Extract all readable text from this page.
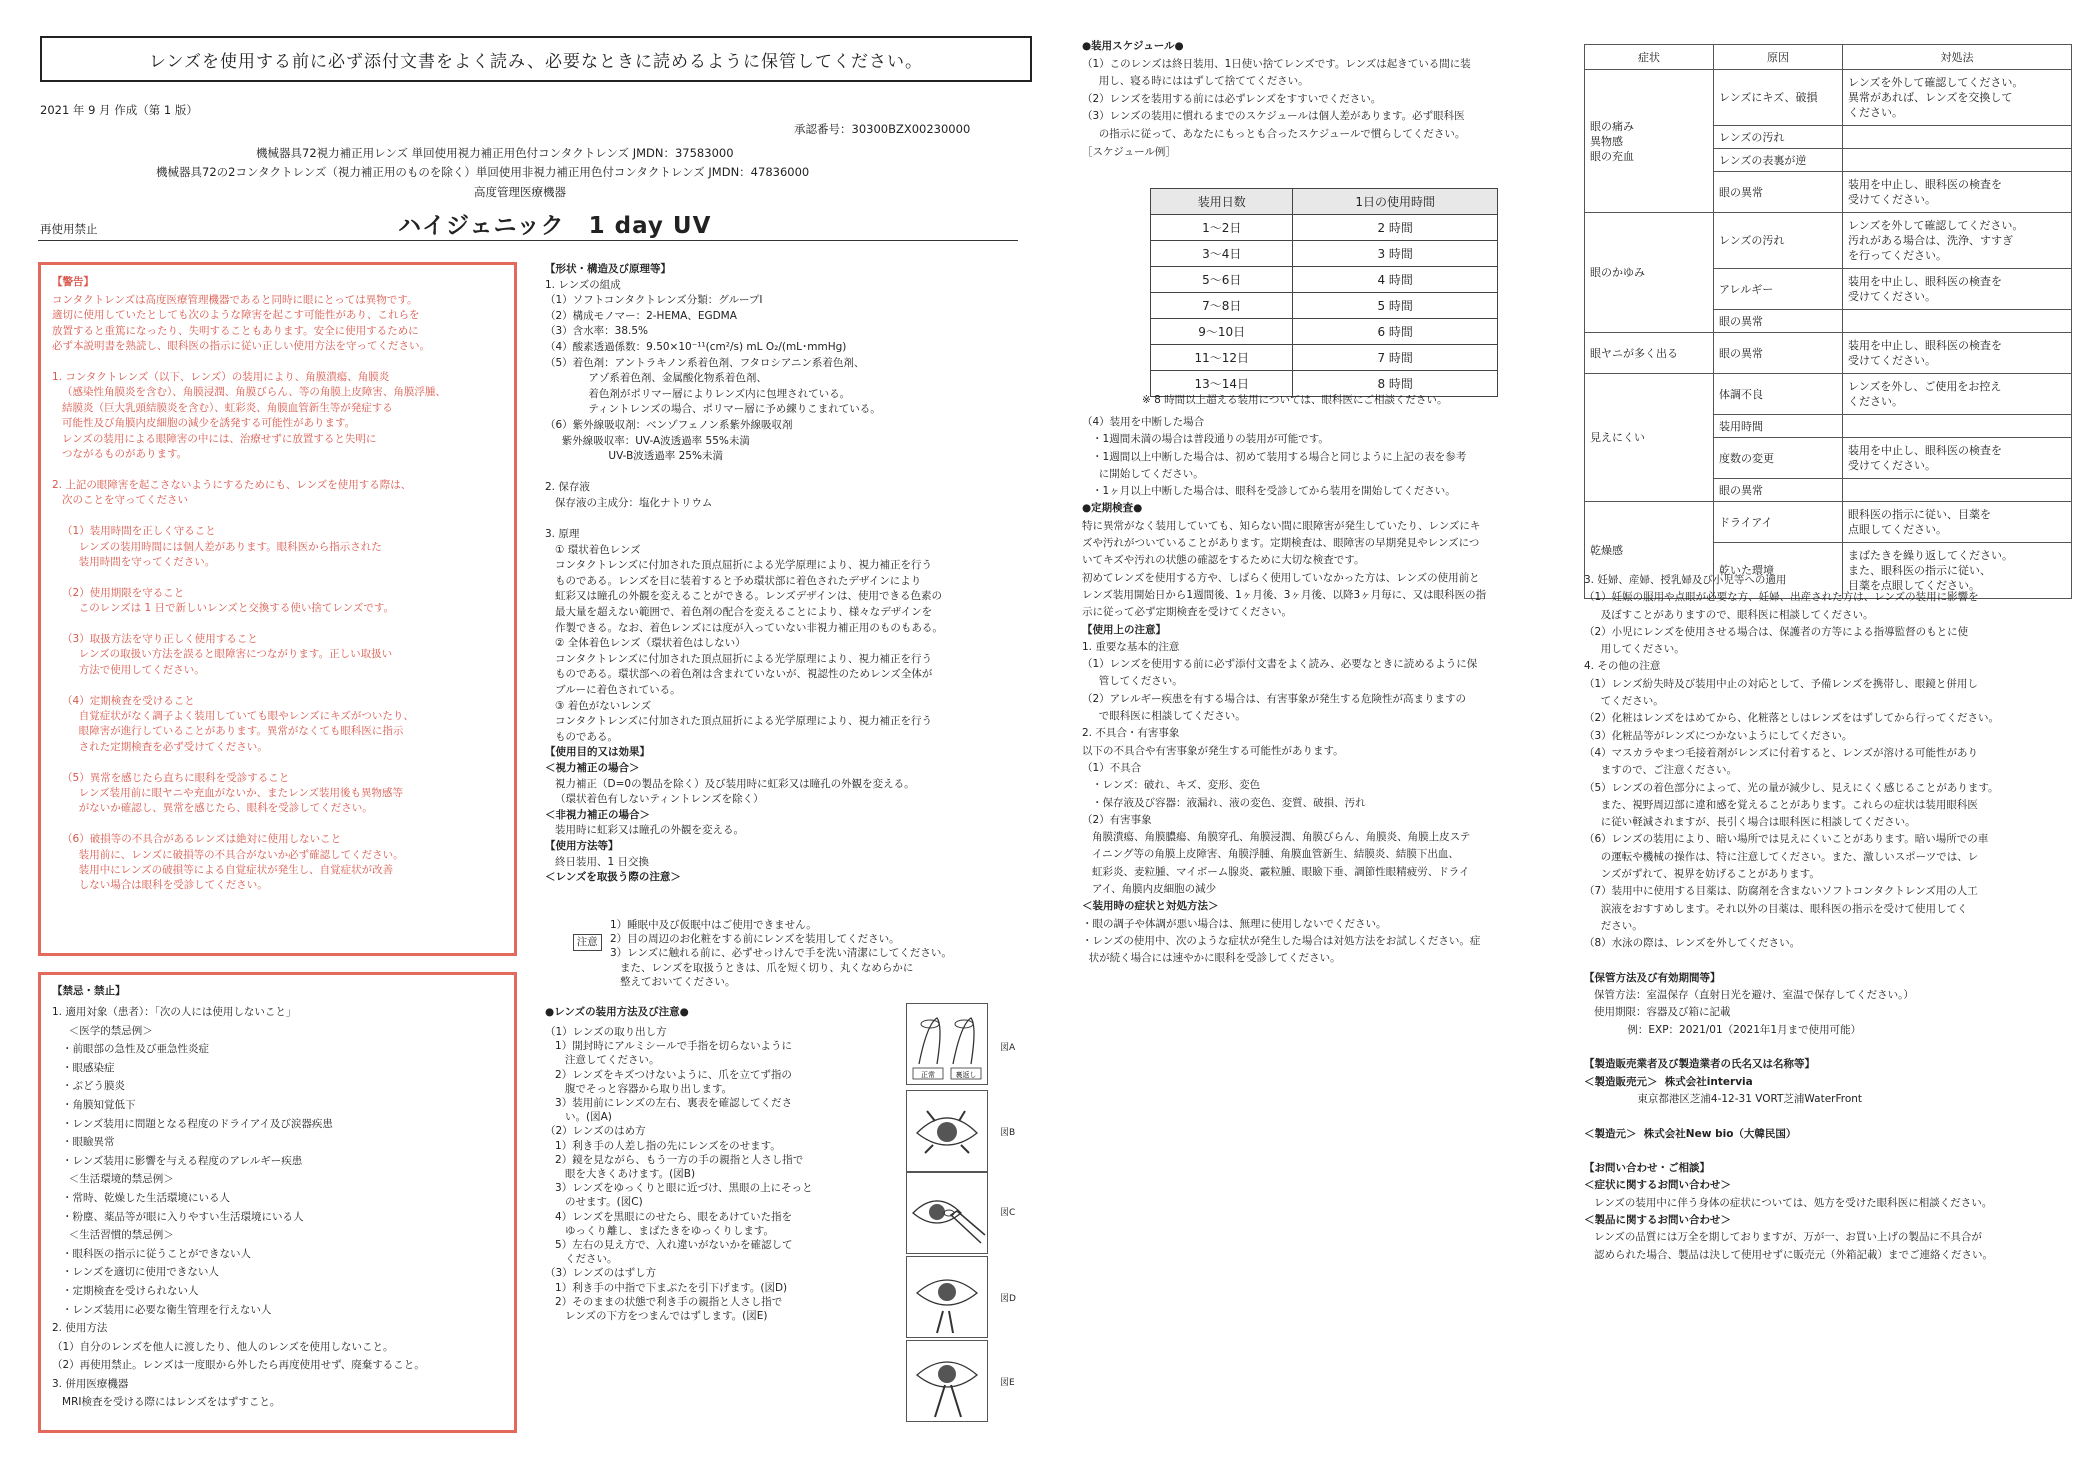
レンズを使用する前に必ず添付文書をよく読み、必要なときに読めるように保管してください。
2021 年 9 月 作成（第 1 版）
承認番号：30300BZX00230000
機械器具72視力補正用レンズ 単回使用視力補正用色付コンタクトレンズ JMDN：37583000
機械器具72の2コンタクトレンズ（視力補正用のものを除く）単回使用非視力補正用色付コンタクトレンズ JMDN：47836000
高度管理医療機器
再使用禁止	ハイジェニック　1 day UV
【警告】
コンタクトレンズは高度医療管理機器であると同時に眼にとっては異物です。
適切に使用していたとしても次のような障害を起こす可能性があり、これらを
放置すると重篤になったり、失明することもあります。安全に使用するために
必ず本説明書を熟読し、眼科医の指示に従い正しい使用方法を守ってください。

1. コンタクトレンズ（以下、レンズ）の装用により、角膜潰瘍、角膜炎
（感染性角膜炎を含む）、角膜浸潤、角膜びらん、等の角膜上皮障害、角膜浮腫、
結膜炎（巨大乳頭結膜炎を含む）、虹彩炎、角膜血管新生等が発症する
可能性及び角膜内皮細胞の減少を誘発する可能性があります。
レンズの装用による眼障害の中には、治療せずに放置すると失明に
つながるものがあります。

2. 上記の眼障害を起こさないようにするためにも、レンズを使用する際は、
次のことを守ってください

（1）装用時間を正しく守ること
レンズの装用時間には個人差があります。眼科医から指示された
装用時間を守ってください。

（2）使用期限を守ること
このレンズは 1 日で新しいレンズと交換する使い捨てレンズです。

（3）取扱方法を守り正しく使用すること
レンズの取扱い方法を誤ると眼障害につながります。正しい取扱い
方法で使用してください。

（4）定期検査を受けること
自覚症状がなく調子よく装用していても眼やレンズにキズがついたり、
眼障害が進行していることがあります。異常がなくても眼科医に指示
された定期検査を必ず受けてください。

（5）異常を感じたら直ちに眼科を受診すること
レンズ装用前に眼ヤニや充血がないか、またレンズ装用後も異物感等
がないか確認し、異常を感じたら、眼科を受診してください。

（6）破損等の不具合があるレンズは絶対に使用しないこと
装用前に、レンズに破損等の不具合がないか必ず確認してください。
装用中にレンズの破損等による自覚症状が発生し、自覚症状が改善
しない場合は眼科を受診してください。
【禁忌・禁止】
1. 適用対象（患者）：「次の人には使用しないこと」
＜医学的禁忌例＞
・前眼部の急性及び亜急性炎症
・眼感染症
・ぶどう膜炎
・角膜知覚低下
・レンズ装用に問題となる程度のドライアイ及び涙器疾患
・眼瞼異常
・レンズ装用に影響を与える程度のアレルギー疾患
＜生活環境的禁忌例＞
・常時、乾燥した生活環境にいる人
・粉塵、薬品等が眼に入りやすい生活環境にいる人
＜生活習慣的禁忌例＞
・眼科医の指示に従うことができない人
・レンズを適切に使用できない人
・定期検査を受けられない人
・レンズ装用に必要な衛生管理を行えない人
2. 使用方法
（1）自分のレンズを他人に渡したり、他人のレンズを使用しないこと。
（2）再使用禁止。レンズは一度眼から外したら再度使用せず、廃棄すること。
3. 併用医療機器
MRI検査を受ける際にはレンズをはずすこと。
【形状・構造及び原理等】
1. レンズの組成
（1）ソフトコンタクトレンズ分類：グループⅠ
（2）構成モノマー：2-HEMA、EGDMA
（3）含水率：38.5%
（4）酸素透過係数：9.50×10⁻¹¹(cm²/s) mL O₂/(mL･mmHg)
（5）着色剤：アントラキノン系着色剤、フタロシアニン系着色剤、
アゾ系着色剤、金属酸化物系着色剤、
着色剤がポリマー層によりレンズ内に包埋されている。
ティントレンズの場合、ポリマー層に予め練りこまれている。
（6）紫外線吸収剤：ベンゾフェノン系紫外線吸収剤
紫外線吸収率：UV-A波透過率 55%未満
UV-B波透過率 25%未満

2. 保存液
保存液の主成分：塩化ナトリウム

3. 原理
① 環状着色レンズ
コンタクトレンズに付加された頂点屈折による光学原理により、視力補正を行う
ものである。レンズを目に装着すると予め環状部に着色されたデザインにより
虹彩又は瞳孔の外観を変えることができる。レンズデザインは、使用できる色素の
最大量を超えない範囲で、着色剤の配合を変えることにより、様々なデザインを
作製できる。なお、着色レンズには度が入っていない非視力補正用のものもある。
② 全体着色レンズ（環状着色はしない）
コンタクトレンズに付加された頂点屈折による光学原理により、視力補正を行う
ものである。環状部への着色剤は含まれていないが、視認性のためレンズ全体が
ブルーに着色されている。
③ 着色がないレンズ
コンタクトレンズに付加された頂点屈折による光学原理により、視力補正を行う
ものである。
【使用目的又は効果】
＜視力補正の場合＞
視力補正（D=0の製品を除く）及び装用時に虹彩又は瞳孔の外観を変える。
（環状着色有しないティントレンズを除く）
＜非視力補正の場合＞
装用時に虹彩又は瞳孔の外観を変える。
【使用方法等】
終日装用、1 日交換
＜レンズを取扱う際の注意＞

注意

1）睡眠中及び仮眠中はご使用できません。
2）目の周辺のお化粧をする前にレンズを装用してください。
3）レンズに触れる前に、必ずせっけんで手を洗い清潔にしてください。
また、レンズを取扱うときは、爪を短く切り、丸くなめらかに
整えておいてください。
●レンズの装用方法及び注意●
（1）レンズの取り出し方
1）開封時にアルミシールで手指を切らないように
注意してください。
2）レンズをキズつけないように、爪を立てず指の
腹でそっと容器から取り出します。
3）装用前にレンズの左右、裏表を確認してくださ
い。(図A)
（2）レンズのはめ方
1）利き手の人差し指の先にレンズをのせます。
2）鏡を見ながら、もう一方の手の親指と人さし指で
眼を大きくあけます。(図B)
3）レンズをゆっくりと眼に近づけ、黒眼の上にそっと
のせます。(図C)
4）レンズを黒眼にのせたら、眼をあけていた指を
ゆっくり離し、まばたきをゆっくりします。
5）左右の見え方で、入れ違いがないかを確認して
ください。
（3）レンズのはずし方
1）利き手の中指で下まぶたを引下げます。(図D)
2）そのままの状態で利き手の親指と人さし指で
レンズの下方をつまんではずします。(図E)
正常	裏返し
図A
図B
図C
図D
図E
●装用スケジュール●
（1）このレンズは終日装用、1日使い捨てレンズです。レンズは起きている間に装
用し、寝る時にははずして捨ててください。
（2）レンズを装用する前には必ずレンズをすすいでください。
（3）レンズの装用に慣れるまでのスケジュールは個人差があります。必ず眼科医
の指示に従って、あなたにもっとも合ったスケジュールで慣らしてください。
［スケジュール例］
装用日数	1日の使用時間
1～2日	2 時間
3～4日	3 時間
5～6日	4 時間
7～8日	5 時間
9～10日	6 時間
11～12日	7 時間
13～14日	8 時間
※ 8 時間以上超える装用については、眼科医にご相談ください。
（4）装用を中断した場合
・1週間未満の場合は普段通りの装用が可能です。
・1週間以上中断した場合は、初めて装用する場合と同じように上記の表を参考
に開始してください。
・1ヶ月以上中断した場合は、眼科を受診してから装用を開始してください。
●定期検査●
特に異常がなく装用していても、知らない間に眼障害が発生していたり、レンズにキ
ズや汚れがついていることがあります。定期検査は、眼障害の早期発見やレンズにつ
いてキズや汚れの状態の確認をするために大切な検査です。
初めてレンズを使用する方や、しばらく使用していなかった方は、レンズの使用前と
レンズ装用開始日から1週間後、1ヶ月後、3ヶ月後、以降3ヶ月毎に、又は眼科医の指
示に従って必ず定期検査を受けてください。
【使用上の注意】
1. 重要な基本的注意
（1）レンズを使用する前に必ず添付文書をよく読み、必要なときに読めるように保
管してください。
（2）アレルギー疾患を有する場合は、有害事象が発生する危険性が高まりますの
で眼科医に相談してください。
2. 不具合・有害事象
以下の不具合や有害事象が発生する可能性があります。
（1）不具合
・レンズ：破れ、キズ、変形、変色
・保存液及び容器：液漏れ、液の変色、変質、破損、汚れ
（2）有害事象
角膜潰瘍、角膜膿瘍、角膜穿孔、角膜浸潤、角膜びらん、角膜炎、角膜上皮ステ
イニング等の角膜上皮障害、角膜浮腫、角膜血管新生、結膜炎、結膜下出血、
虹彩炎、麦粒腫、マイボーム腺炎、霰粒腫、眼瞼下垂、調節性眼精疲労、ドライ
アイ、角膜内皮細胞の減少
＜装用時の症状と対処方法＞
・眼の調子や体調が悪い場合は、無理に使用しないでください。
・レンズの使用中、次のような症状が発生した場合は対処方法をお試しください。症
状が続く場合には速やかに眼科を受診してください。
症状	原因	対処法
眼の痛み
異物感
眼の充血	レンズにキズ、破損	レンズを外して確認してください。
異常があれば、レンズを交換して
ください。
	レンズの汚れ	
	レンズの表裏が逆	
	眼の異常	装用を中止し、眼科医の検査を
受けてください。
眼のかゆみ	レンズの汚れ	レンズを外して確認してください。
汚れがある場合は、洗浄、すすぎ
を行ってください。
	アレルギー	装用を中止し、眼科医の検査を
受けてください。
	眼の異常	
眼ヤニが多く出る	眼の異常	装用を中止し、眼科医の検査を
受けてください。
見えにくい	体調不良	レンズを外し、ご使用をお控え
ください。
	装用時間	
	度数の変更	装用を中止し、眼科医の検査を
受けてください。
	眼の異常	
乾燥感	ドライアイ	眼科医の指示に従い、目薬を
点眼してください。
	乾いた環境	まばたきを繰り返してください。
また、眼科医の指示に従い、
目薬を点眼してください。
3. 妊婦、産婦、授乳婦及び小児等への適用
（1）妊娠の服用や点眼が必要な方、妊婦、出産された方は、レンズの装用に影響を
及ぼすことがありますので、眼科医に相談してください。
（2）小児にレンズを使用させる場合は、保護者の方等による指導監督のもとに使
用してください。
4. その他の注意
（1）レンズ紛失時及び装用中止の対応として、予備レンズを携帯し、眼鏡と併用し
てください。
（2）化粧はレンズをはめてから、化粧落としはレンズをはずしてから行ってください。
（3）化粧品等がレンズにつかないようにしてください。
（4）マスカラやまつ毛接着剤がレンズに付着すると、レンズが溶ける可能性があり
ますので、ご注意ください。
（5）レンズの着色部分によって、光の量が減少し、見えにくく感じることがあります。
また、視野周辺部に違和感を覚えることがあります。これらの症状は装用眼科医
に従い軽減されますが、長引く場合は眼科医に相談してください。
（6）レンズの装用により、暗い場所では見えにくいことがあります。暗い場所での車
の運転や機械の操作は、特に注意してください。また、激しいスポーツでは、レ
ンズがずれて、視界を妨げることがあります。
（7）装用中に使用する目薬は、防腐剤を含まないソフトコンタクトレンズ用の人工
涙液をおすすめします。それ以外の目薬は、眼科医の指示を受けて使用してく
ださい。
（8）水泳の際は、レンズを外してください。

【保管方法及び有効期間等】
保管方法：室温保存（直射日光を避け、室温で保存してください。）
使用期限：容器及び箱に記載
例：EXP：2021/01（2021年1月まで使用可能）

【製造販売業者及び製造業者の氏名又は名称等】
＜製造販売元＞  株式会社intervia
東京都港区芝浦4-12-31 VORT芝浦WaterFront

＜製造元＞  株式会社New bio（大韓民国）

【お問い合わせ・ご相談】
＜症状に関するお問い合わせ＞
レンズの装用中に伴う身体の症状については、処方を受けた眼科医に相談ください。
＜製品に関するお問い合わせ＞
レンズの品質には万全を期しておりますが、万が一、お買い上げの製品に不具合が
認められた場合、製品は決して使用せずに販売元（外箱記載）までご連絡ください。
